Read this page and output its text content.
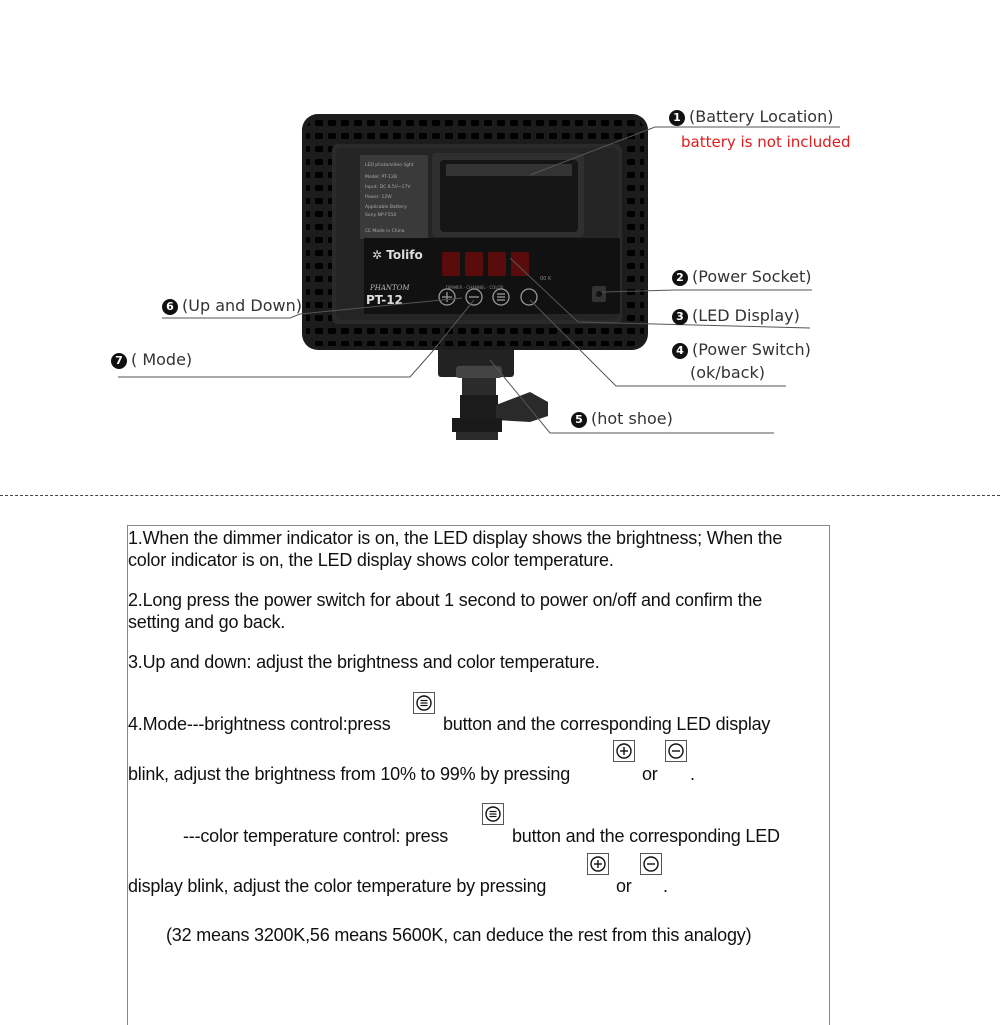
LED photo/video light
Model: PT-12B
Input: DC 6.5V~17V
Power: 12W
Applicable Battery:
Sony NP-F550
CE Made in China
✲ Tolifo
PHANTOM
PT-12
00 K
DIMMER · CHANNEL · COLOR
1 (Battery Location)
battery is not included
2 (Power Socket)
3 (LED Display)
4 (Power Switch)
(ok/back)
5 (hot shoe)
6 (Up and Down)
7 ( Mode)
1.When the dimmer indicator is on, the LED display shows the brightness; When the
color indicator is on, the LED display shows color temperature.
2.Long press the power switch for about 1 second to power on/off and confirm the
setting and go back.
3.Up and down: adjust the brightness and color temperature.
4.Mode---brightness control:press	button and the corresponding LED display
blink, adjust the brightness from 10% to 99% by pressing	or .
---color temperature control: press	button and the corresponding LED
display blink, adjust the color temperature by pressing	or .
(32 means 3200K,56 means 5600K, can deduce the rest from this analogy)
